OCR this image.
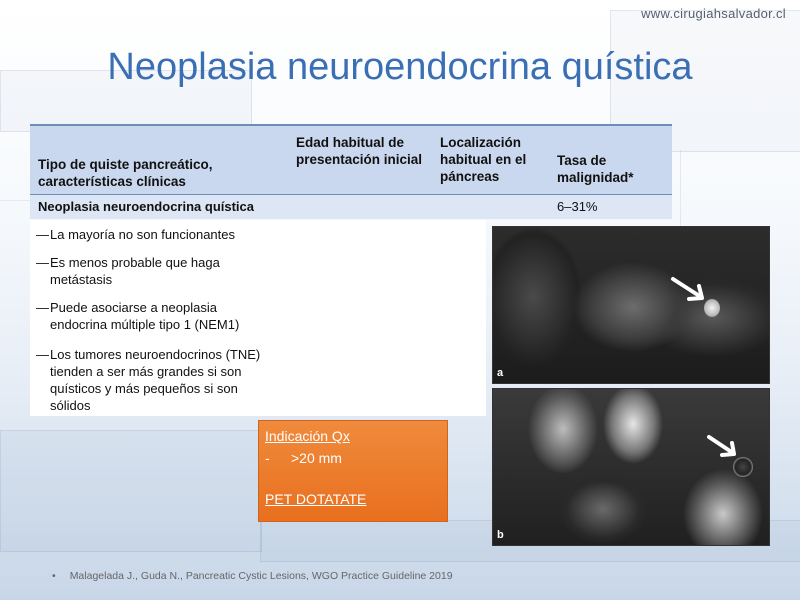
www.cirugiahsalvador.cl
Neoplasia neuroendocrina quística
Tipo de quiste pancreático, características clínicas
Edad habitual de presentación inicial
Localización habitual en el páncreas
Tasa de malignidad*
Neoplasia neuroendocrina quística	6–31%
—La mayoría no son funcionantes
—Es menos probable que haga
metástasis
—Puede asociarse a neoplasia
endocrina múltiple tipo 1 (NEM1)
—Los tumores neuroendocrinos (TNE)
tienden a ser más grandes si son quísticos y más pequeños si son sólidos
Indicación Qx
- >20 mm
PET DOTATATE
a
b
• Malagelada J., Guda N., Pancreatic Cystic Lesions, WGO Practice Guideline 2019
